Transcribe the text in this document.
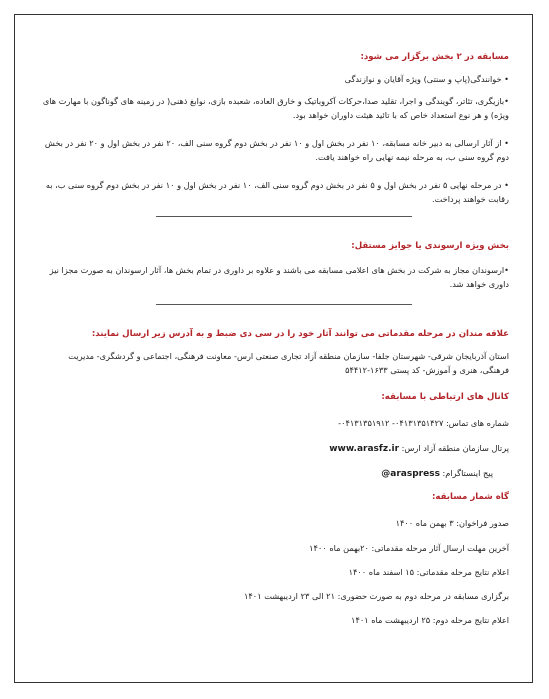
مسابقه در ۲ بخش برگزار می شود:
• خوانندگی(پاپ و سنتی) ویژه آقایان و نوازندگی
•بازیگری، تئاتر، گویندگی و اجرا، تقلید صدا،حرکات آکروباتیک و خارق العاده، شعبده بازی، نوابغ ذهنی( در زمینه های گوناگون با مهارت های ویژه) و هر نوع استعداد خاص که با تائید هیئت داوران خواهد بود.
• از آثار ارسالی به دبیر خانه مسابقه، ۱۰ نفر در بخش اول و ۱۰ نفر در بخش دوم گروه سنی الف، ۲۰ نفر در بخش اول و ۲۰ نفر در بخش دوم گروه سنی ب، به مرحله نیمه نهایی راه خواهند یافت.
• در مرحله نهایی ۵ نفر در بخش اول و ۵ نفر در بخش دوم گروه سنی الف، ۱۰ نفر در بخش اول و ۱۰ نفر در بخش دوم گروه سنی ب، به رقابت خواهند پرداخت.
بخش ویژه ارسوندی یا جوایز مستقل:
•ارسوندان مجاز به شرکت در بخش های اعلامی مسابقه می باشند و علاوه بر داوری در تمام بخش ها، آثار ارسوندان به صورت مجزا نیز داوری خواهد شد.
علاقه مندان در مرحله مقدماتی می توانند آثار خود را در سی دی ضبط و به آدرس زیر ارسال نمایند:
استان آذربایجان شرقی- شهرستان جلفا- سازمان منطقه آزاد تجاری صنعتی ارس- معاونت فرهنگی، اجتماعی و گردشگری- مدیریت فرهنگی، هنری و آموزش- کد پستی ۱۶۳۳-۵۴۴۱۲
کانال های ارتباطی با مسابقه:
شماره های تماس: ۰۴۱۳۱۳۵۱۴۲۷- ۰۴۱۳۱۳۵۱۹۱۲-
پرتال سازمان منطقه آزاد ارس: www.arasfz.ir
پیج اینستاگرام: @araspress
گاه شمار مسابقه:
صدور فراخوان: ۳ بهمن ماه ۱۴۰۰
آخرین مهلت ارسال آثار مرحله مقدماتی: ۲۰بهمن ماه ۱۴۰۰
اعلام نتایج مرحله مقدماتی: ۱۵ اسفند ماه ۱۴۰۰
برگزاری مسابقه در مرحله دوم به صورت حضوری: ۲۱ الی ۲۳ اردیبهشت ۱۴۰۱
اعلام نتایج مرحله دوم: ۲۵ اردیبهشت ماه ۱۴۰۱
